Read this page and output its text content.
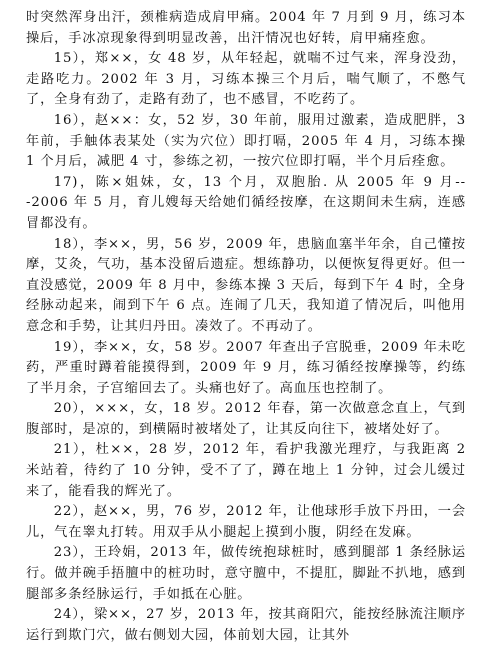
时突然浑身出汗，颈椎病造成肩甲痛。2004 年 7 月到 9 月，练习本操后，手冰凉现象得到明显改善，出汗情况也好转，肩甲痛痊愈。

15），郑××，女 48 岁，从年轻起，就喘不过气来，浑身没劲，走路吃力。2002 年 3 月，习练本操三个月后，喘气顺了，不憋气了，全身有劲了，走路有劲了，也不感冒，不吃药了。

16），赵××：女，52 岁，30 年前，服用过激素，造成肥胖，3 年前，手触体表某处（实为穴位）即打嗝，2005 年 4 月，习练本操 1 个月后，减肥 4 寸，参练之初，一按穴位即打嗝，半个月后痊愈。

17)，陈×姐妹，女，13 个月，双胞胎. 从 2005 年 9 月---2006 年 5 月，育儿嫂每天给她们循经按摩，在这期间未生病，连感冒都没有。

18），李××，男，56 岁，2009 年，患脑血塞半年余，自己懂按摩，艾灸，气功，基本没留后遗症。想练静功，以便恢复得更好。但一直没感觉，2009 年 8 月中，参练本操 3 天后，每到下午 4 时，全身经脉动起来，闹到下午 6 点。连闹了几天，我知道了情况后，叫他用意念和手势，让其归丹田。凑效了。不再动了。

19），李××，女，58 岁。2007 年查出子宫脱垂，2009 年未吃药，严重时蹲着能摸得到，2009 年 9 月，练习循经按摩操等，约练了半月余，子宫缩回去了。头痛也好了。高血压也控制了。

20），×××，女，18 岁。2012 年春，第一次做意念直上，气到腹部时，是凉的，到横隔时被堵处了，让其反向往下，被堵处好了。

21），杜××，28 岁，2012 年，看护我激光理疗，与我距离 2 米站着，待约了 10 分钟，受不了了，蹲在地上 1 分钟，过会儿缓过来了，能看我的辉光了。

22），赵××，男，76 岁，2012 年，让他球形手放下丹田，一会儿，气在睾丸打转。用双手从小腿起上摸到小腹，阴经在发麻。

23），王玲娟，2013 年，做传统抱球桩时，感到腿部 1 条经脉运行。做并碗手捂膻中的桩功时，意守膻中，不提肛，脚趾不扒地，感到腿部多条经脉运行，手如抵在心脏。

24），梁××，27 岁，2013 年，按其商阳穴，能按经脉流注顺序运行到欺门穴，做右侧划大园，体前划大园，让其外
